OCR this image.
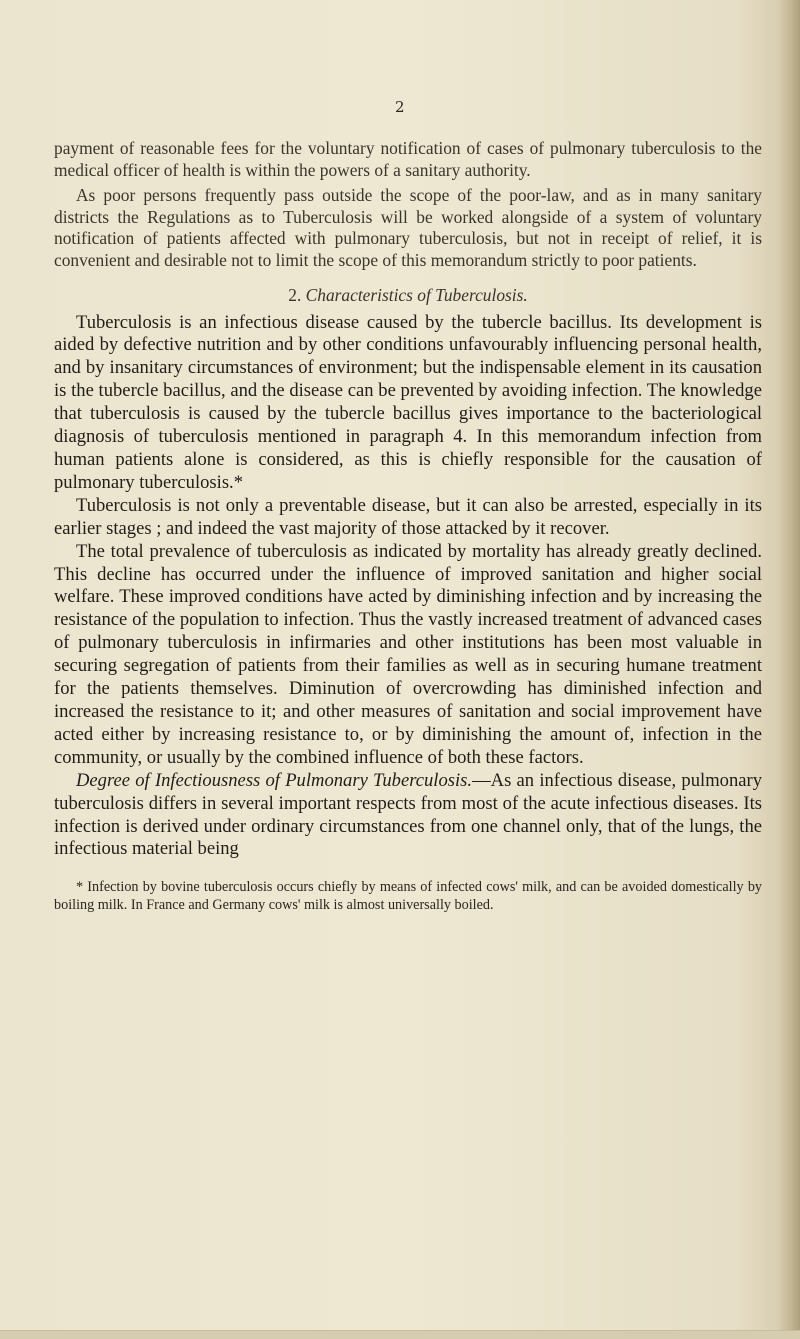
2

payment of reasonable fees for the voluntary notification of cases of pulmonary tuberculosis to the medical officer of health is within the powers of a sanitary authority.

As poor persons frequently pass outside the scope of the poor-law, and as in many sanitary districts the Regulations as to Tuberculosis will be worked alongside of a system of voluntary notification of patients affected with pulmonary tuberculosis, but not in receipt of relief, it is convenient and desirable not to limit the scope of this memorandum strictly to poor patients.

2. Characteristics of Tuberculosis.

Tuberculosis is an infectious disease caused by the tubercle bacillus. Its development is aided by defective nutrition and by other conditions unfavourably influencing personal health, and by insanitary circumstances of environment; but the indispensable element in its causation is the tubercle bacillus, and the disease can be prevented by avoiding infection. The knowledge that tuberculosis is caused by the tubercle bacillus gives importance to the bacteriological diagnosis of tuberculosis mentioned in paragraph 4. In this memorandum infection from human patients alone is considered, as this is chiefly responsible for the causation of pulmonary tuberculosis.*

Tuberculosis is not only a preventable disease, but it can also be arrested, especially in its earlier stages ; and indeed the vast majority of those attacked by it recover.

The total prevalence of tuberculosis as indicated by mortality has already greatly declined. This decline has occurred under the influence of improved sanitation and higher social welfare. These improved conditions have acted by diminishing infection and by increasing the resistance of the population to infection. Thus the vastly increased treatment of advanced cases of pulmonary tuberculosis in infirmaries and other institutions has been most valuable in securing segregation of patients from their families as well as in securing humane treatment for the patients themselves. Diminution of overcrowding has diminished infection and increased the resistance to it; and other measures of sanitation and social improvement have acted either by increasing resistance to, or by diminishing the amount of, infection in the community, or usually by the combined influence of both these factors.

Degree of Infectiousness of Pulmonary Tuberculosis.—As an infectious disease, pulmonary tuberculosis differs in several important respects from most of the acute infectious diseases. Its infection is derived under ordinary circumstances from one channel only, that of the lungs, the infectious material being

* Infection by bovine tuberculosis occurs chiefly by means of infected cows' milk, and can be avoided domestically by boiling milk. In France and Germany cows' milk is almost universally boiled.
